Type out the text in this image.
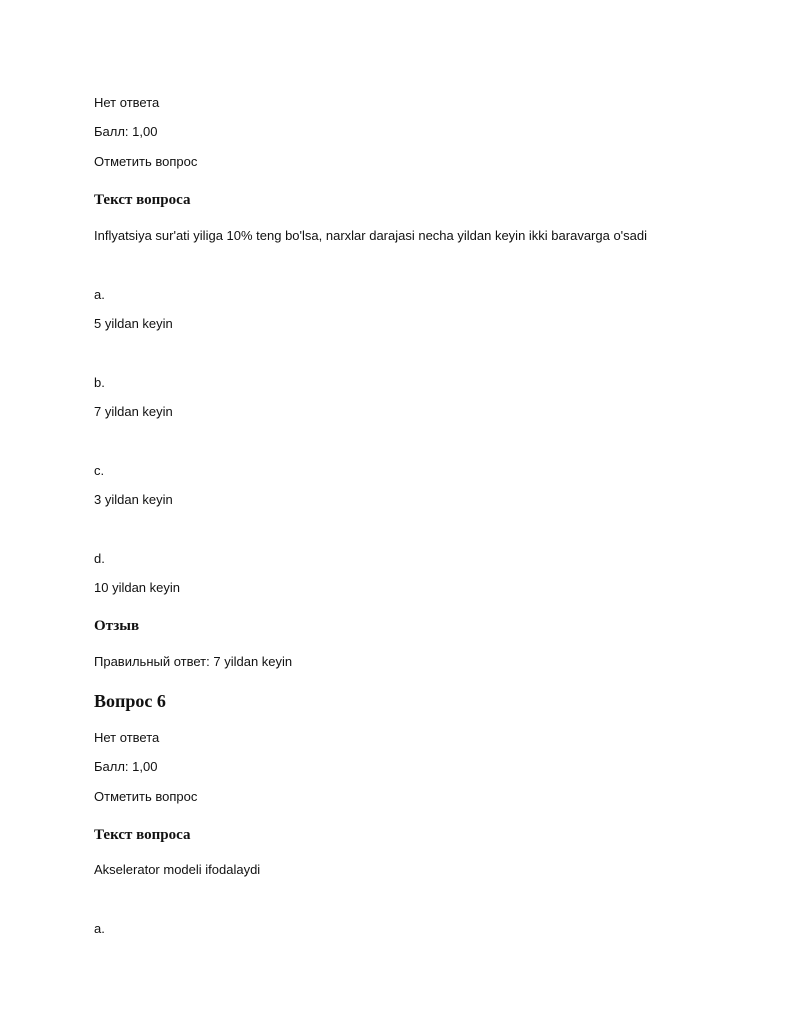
Нет ответа
Балл: 1,00
Отметить вопрос
Текст вопроса
Inflyatsiya sur'ati yiliga 10% teng bo'lsa, narxlar darajasi necha yildan keyin ikki baravarga o'sadi
a.
5 yildan keyin
b.
7 yildan keyin
c.
3 yildan keyin
d.
10 yildan keyin
Отзыв
Правильный ответ: 7 yildan keyin
Вопрос 6
Нет ответа
Балл: 1,00
Отметить вопрос
Текст вопроса
Akselerator modeli ifodalaydi
a.
